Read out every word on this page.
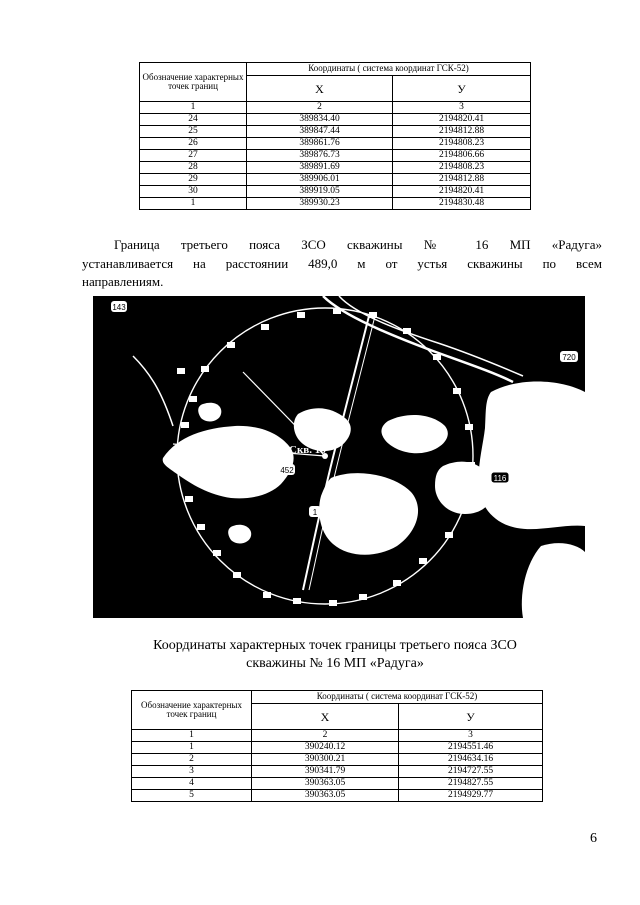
Обозначение характерных точек границ	Координаты ( система координат ГСК-52)	
	X	У
1	2	3
24	389834.40	2194820.41
25	389847.44	2194812.88
26	389861.76	2194808.23
27	389876.73	2194806.66
28	389891.69	2194808.23
29	389906.01	2194812.88
30	389919.05	2194820.41
1	389930.23	2194830.48

Граница третьего пояса ЗСО скважины № 16 МП «Радуга»
устанавливается на расстоянии 489,0 м от устья скважины по всем
направлениям.

143
720
116
452
1
Скв. 16

Координаты характерных точек границы третьего пояса ЗСО
скважины № 16 МП «Радуга»

Обозначение характерных точек границ	Координаты ( система координат ГСК-52)	
	X	У
1	2	3
1	390240.12	2194551.46
2	390300.21	2194634.16
3	390341.79	2194727.55
4	390363.05	2194827.55
5	390363.05	2194929.77
6
